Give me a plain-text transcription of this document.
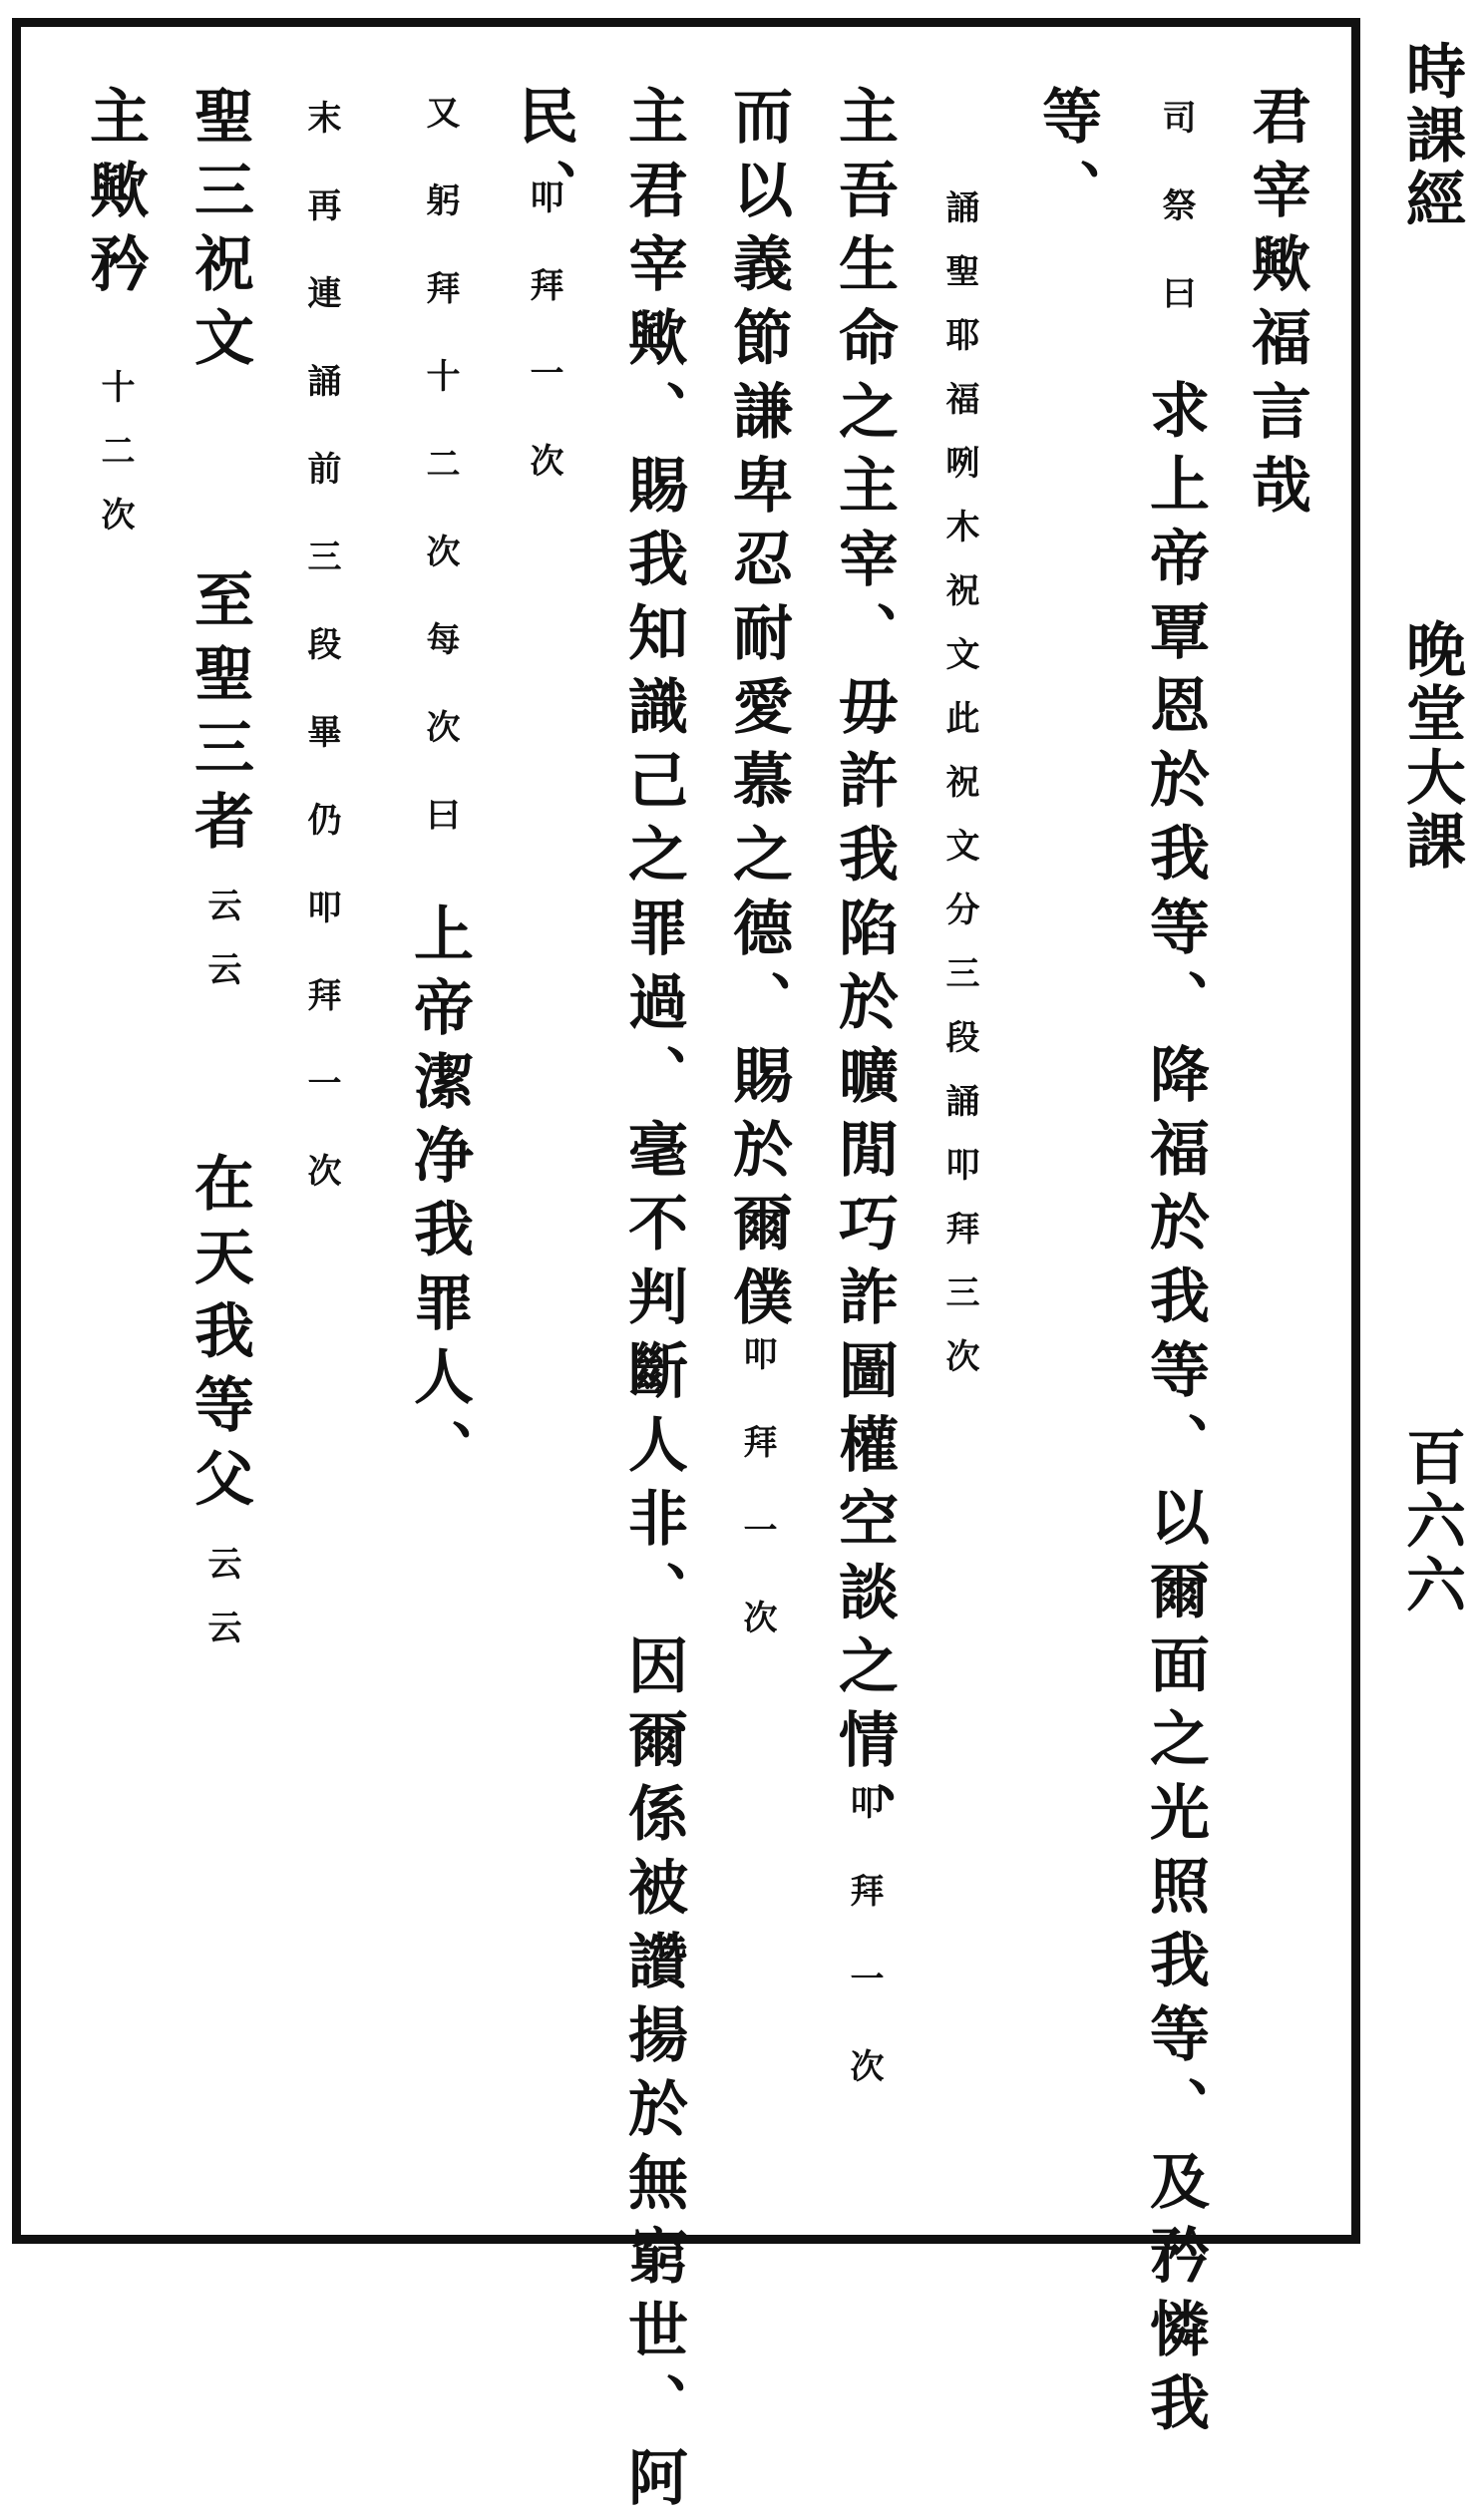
時課經
晚堂大課
百六六
君宰歟福言哉
司祭曰
求上帝覃恩於我等、降福於我等、以爾面之光照我等、及矜憐我
等、
誦聖耶福咧木祝文此祝文分三段誦叩拜三次
主吾生命之主宰、毋許我陷於曠閒巧詐圖權空談之情、
叩拜一次
而以義節謙卑忍耐愛慕之德、賜於爾僕
叩拜一次
主君宰歟、賜我知識己之罪過、毫不判斷人非、因爾係被讚揚於無窮世、阿
民、
叩拜一次
又躬拜十二次每次曰
上帝潔净我罪人、
末再連誦前三段畢仍叩拜一次
聖三祝文
至聖三者
云云
在天我等父
云云
主歟矜
十二次
